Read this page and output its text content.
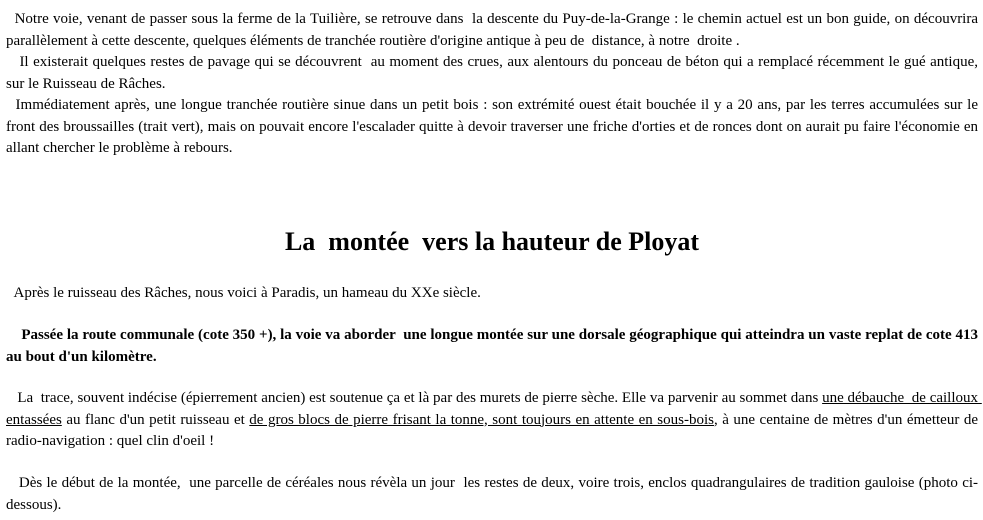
Notre voie, venant de passer sous la ferme de la Tuilière, se retrouve dans  la descente du Puy-de-la-Grange : le chemin actuel est un bon guide, on découvrira parallèlement à cette descente, quelques éléments de tranchée routière d'origine antique à peu de  distance, à notre  droite .

Il existerait quelques restes de pavage qui se découvrent  au moment des crues, aux alentours du ponceau de béton qui a remplacé récemment le gué antique, sur le Ruisseau de Râches.

Immédiatement après, une longue tranchée routière sinue dans un petit bois : son extrémité ouest était bouchée il y a 20 ans, par les terres accumulées sur le front des broussailles (trait vert), mais on pouvait encore l'escalader quitte à devoir traverser une friche d'orties et de ronces dont on aurait pu faire l'économie en allant chercher le problème à rebours.

La  montée  vers la hauteur de Ployat

Après le ruisseau des Râches, nous voici à Paradis, un hameau du XXe siècle.

Passée la route communale (cote 350 +), la voie va aborder  une longue montée sur une dorsale géographique qui atteindra un vaste replat de cote 413 au bout d'un kilomètre.

La  trace, souvent indécise (épierrement ancien) est soutenue ça et là par des murets de pierre sèche. Elle va parvenir au sommet dans une débauche  de cailloux entassées au flanc d'un petit ruisseau et de gros blocs de pierre frisant la tonne, sont toujours en attente en sous-bois, à une centaine de mètres d'un émetteur de radio-navigation : quel clin d'oeil !

Dès le début de la montée,  une parcelle de céréales nous révèla un jour  les restes de deux, voire trois, enclos quadrangulaires de tradition gauloise (photo ci-dessous).
